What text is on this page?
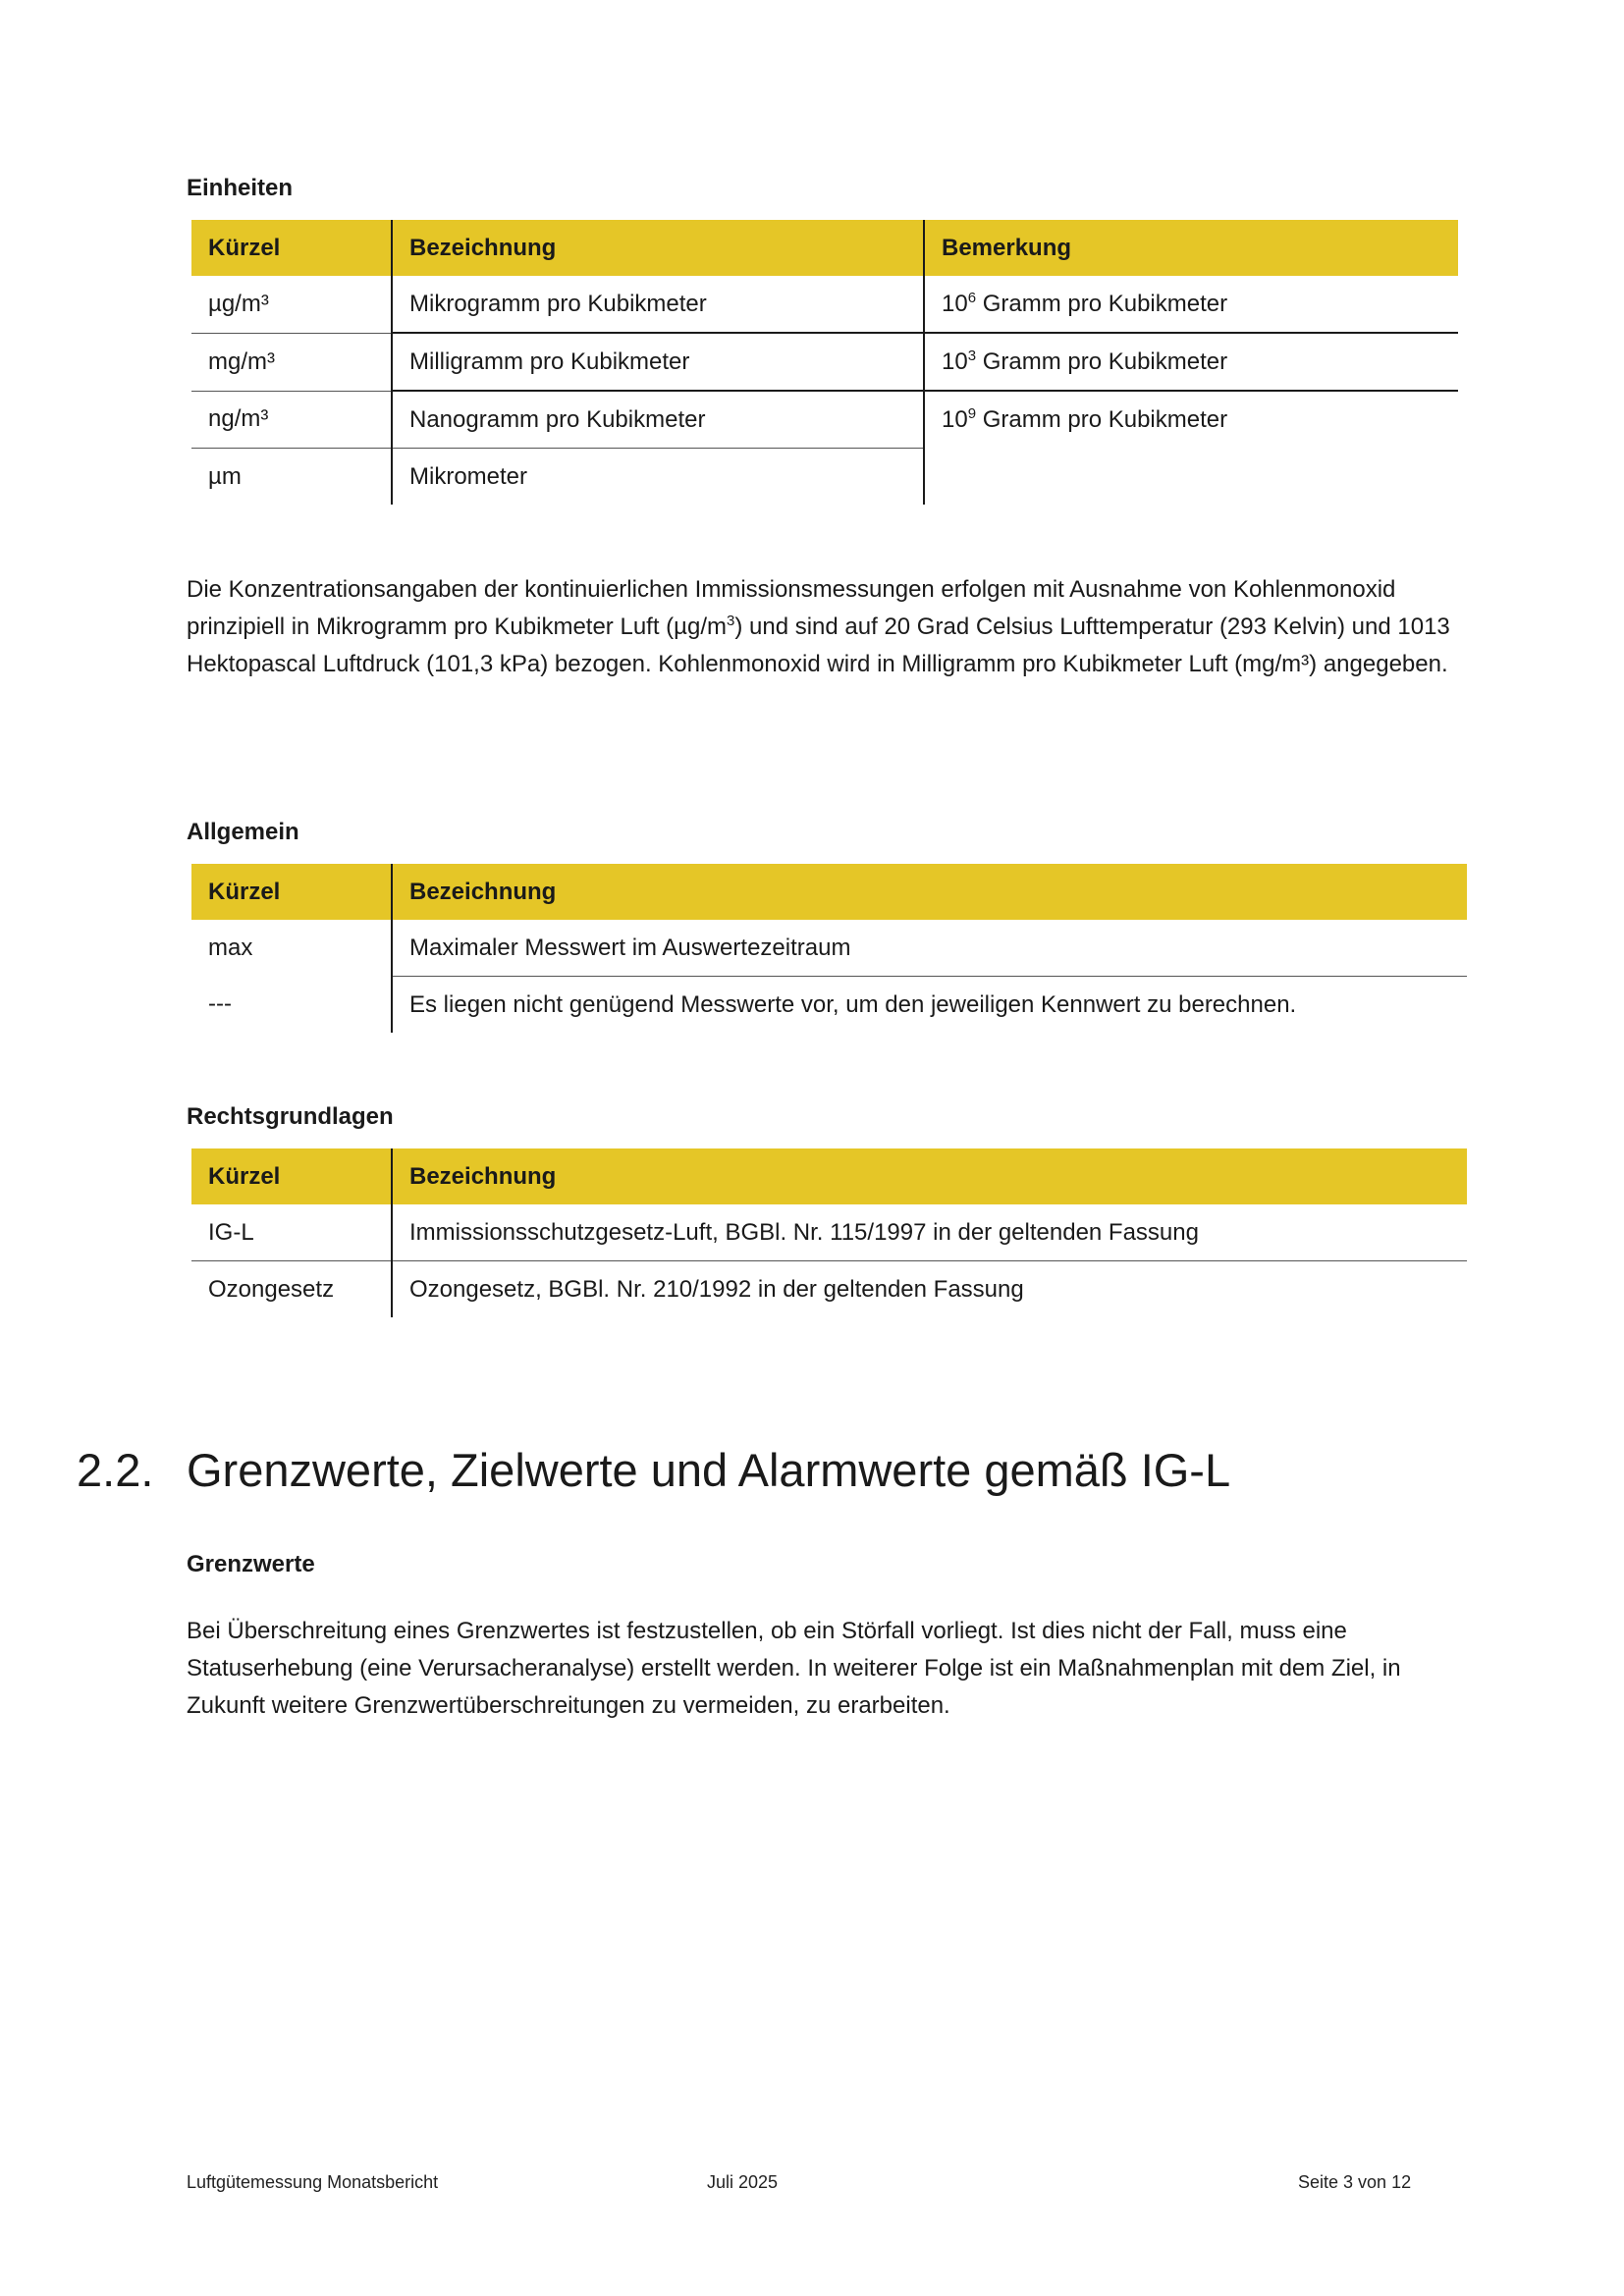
Einheiten
Kürzel	Bezeichnung	Bemerkung
µg/m³	Mikrogramm pro Kubikmeter	$10^6$ Gramm pro Kubikmeter
mg/m³	Milligramm pro Kubikmeter	$10^3$ Gramm pro Kubikmeter
ng/m³	Nanogramm pro Kubikmeter	$10^9$ Gramm pro Kubikmeter
µm	Mikrometer	

Die Konzentrationsangaben der kontinuierlichen Immissionsmessungen erfolgen mit Ausnahme von Kohlenmonoxid prinzipiell in Mikrogramm pro Kubikmeter Luft $(\mu g/m^3)$ und sind auf 20 Grad Celsius Lufttemperatur (293 Kelvin) und 1013 Hektopascal Luftdruck (101,3 kPa) bezogen. Kohlenmonoxid wird in Milligramm pro Kubikmeter Luft (mg/m³) angegeben.

Allgemein
Kürzel	Bezeichnung
max	Maximaler Messwert im Auswertezeitraum
---	Es liegen nicht genügend Messwerte vor, um den jeweiligen Kennwert zu berechnen.
Rechtsgrundlagen
Kürzel	Bezeichnung
IG-L	Immissionsschutzgesetz-Luft, BGBl. Nr. 115/1997 in der geltenden Fassung
Ozongesetz	Ozongesetz, BGBl. Nr. 210/1992 in der geltenden Fassung
2.2. Grenzwerte, Zielwerte und Alarmwerte gemäß IG-L
Grenzwerte

Bei Überschreitung eines Grenzwertes ist festzustellen, ob ein Störfall vorliegt. Ist dies nicht der Fall, muss eine Statuserhebung (eine Verursacheranalyse) erstellt werden. In weiterer Folge ist ein Maßnahmenplan mit dem Ziel, in Zukunft weitere Grenzwertüberschreitungen zu vermeiden, zu erarbeiten.

Luftgütemessung Monatsbericht	Juli 2025	Seite 3 von 12
